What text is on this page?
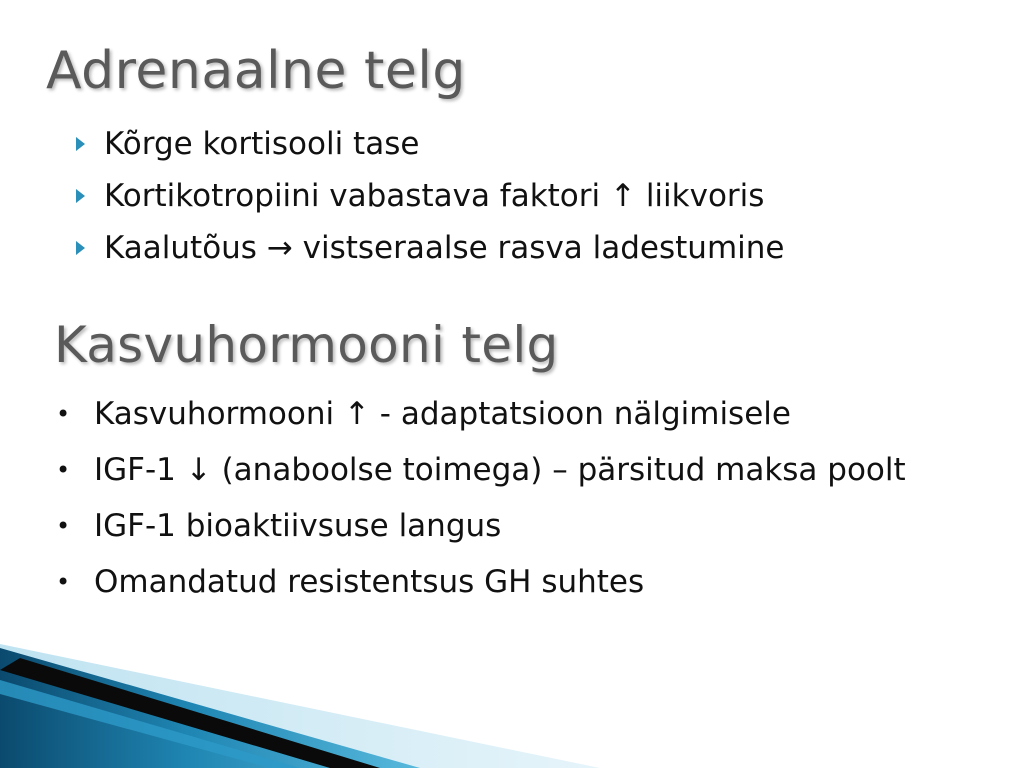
Adrenaalne telg
Kõrge kortisooli tase
Kortikotropiini vabastava faktori ↑ liikvoris
Kaalutõus → vistseraalse rasva ladestumine
Kasvuhormooni telg
• Kasvuhormooni ↑ - adaptatsioon nälgimisele
• IGF-1 ↓ (anaboolse toimega) – pärsitud maksa poolt
• IGF-1 bioaktiivsuse langus
• Omandatud resistentsus GH suhtes
